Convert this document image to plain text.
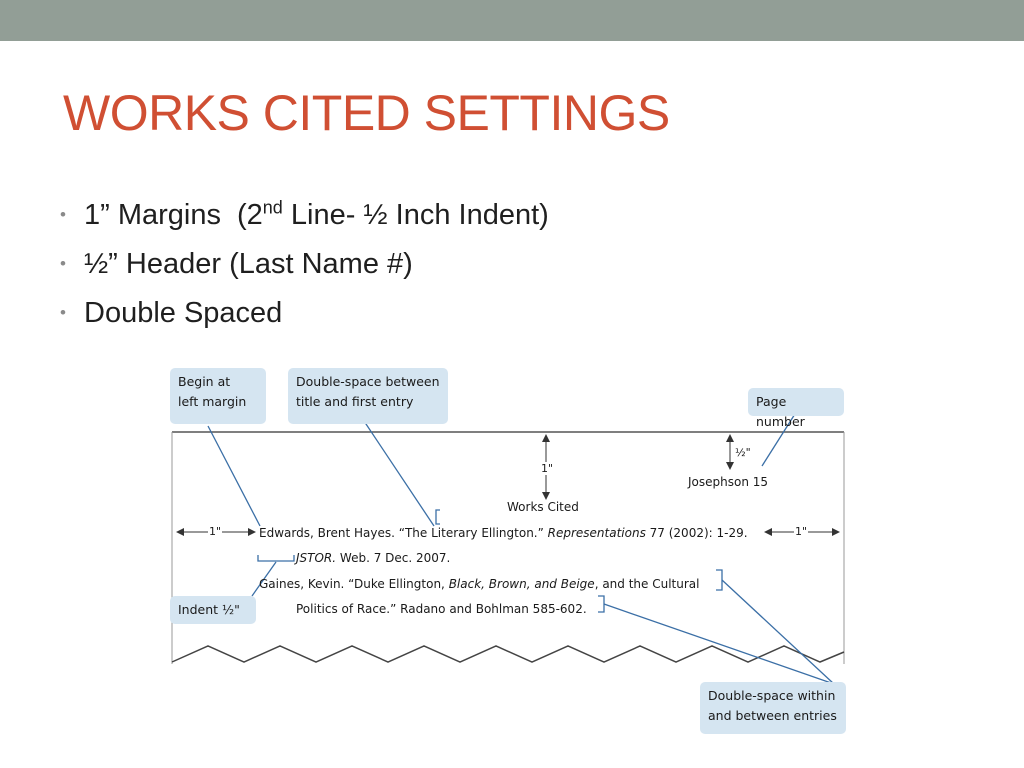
WORKS CITED SETTINGS
• 1” Margins (2nd Line- ½ Inch Indent)
• ½” Header (Last Name #)
• Double Spaced
Begin at
left margin
Double-space between
title and first entry	Page number
Indent ½"
Double-space within
and between entries
1"
½"
1"	1"
Josephson 15
Works Cited
Edwards, Brent Hayes. “The Literary Ellington.” Representations 77 (2002): 1-29.
JSTOR. Web. 7 Dec. 2007.
Gaines, Kevin. “Duke Ellington, Black, Brown, and Beige, and the Cultural
Politics of Race.” Radano and Bohlman 585-602.
